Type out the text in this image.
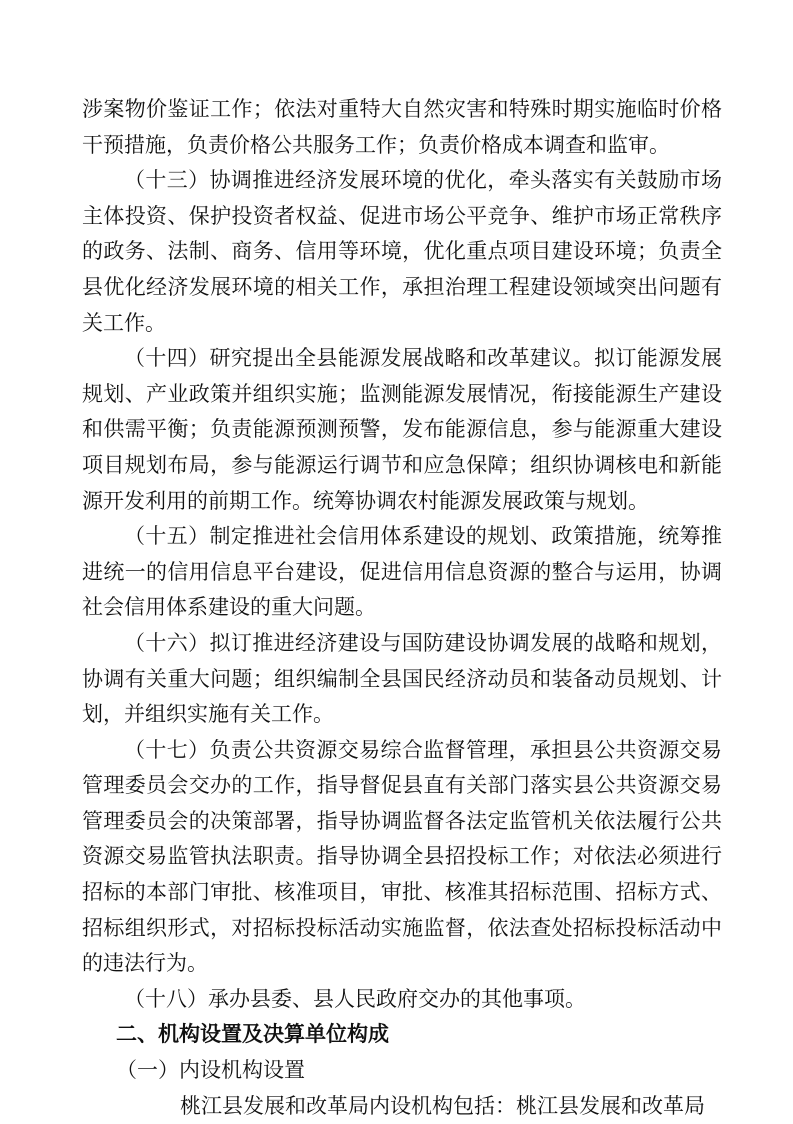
涉案物价鉴证工作；依法对重特大自然灾害和特殊时期实施临时价格干预措施，负责价格公共服务工作；负责价格成本调查和监审。

（十三）协调推进经济发展环境的优化，牵头落实有关鼓励市场主体投资、保护投资者权益、促进市场公平竞争、维护市场正常秩序的政务、法制、商务、信用等环境，优化重点项目建设环境；负责全县优化经济发展环境的相关工作，承担治理工程建设领域突出问题有关工作。

（十四）研究提出全县能源发展战略和改革建议。拟订能源发展规划、产业政策并组织实施；监测能源发展情况，衔接能源生产建设和供需平衡；负责能源预测预警，发布能源信息，参与能源重大建设项目规划布局，参与能源运行调节和应急保障；组织协调核电和新能源开发利用的前期工作。统筹协调农村能源发展政策与规划。

（十五）制定推进社会信用体系建设的规划、政策措施，统筹推进统一的信用信息平台建设，促进信用信息资源的整合与运用，协调社会信用体系建设的重大问题。

（十六）拟订推进经济建设与国防建设协调发展的战略和规划，协调有关重大问题；组织编制全县国民经济动员和装备动员规划、计划，并组织实施有关工作。

（十七）负责公共资源交易综合监督管理，承担县公共资源交易管理委员会交办的工作，指导督促县直有关部门落实县公共资源交易管理委员会的决策部署，指导协调监督各法定监管机关依法履行公共资源交易监管执法职责。指导协调全县招投标工作；对依法必须进行招标的本部门审批、核准项目，审批、核准其招标范围、招标方式、招标组织形式，对招标投标活动实施监督，依法查处招标投标活动中的违法行为。

（十八）承办县委、县人民政府交办的其他事项。

二、机构设置及决算单位构成

（一）内设机构设置

桃江县发展和改革局内设机构包括：桃江县发展和改革局
